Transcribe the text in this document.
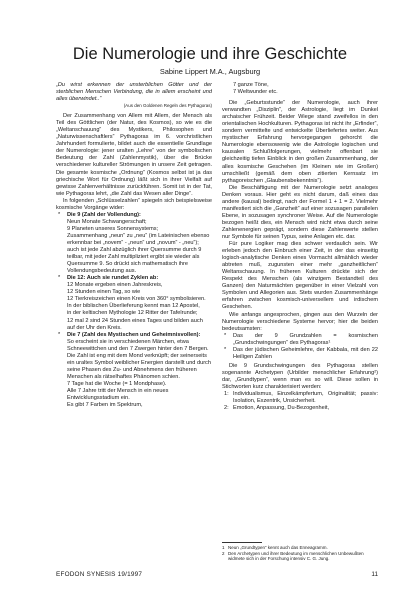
Die Numerologie und ihre Geschichte
Sabine Lippert M.A., Augsburg

„Du wirst erkennen der unsterblichen Götter und der sterblichen Menschen Verbindung, die in allem erscheint und alles überwindet..“

(Aus den Goldenen Regeln des Pythagoras)

Der Zusammenhang von Allem mit Allem, der Mensch als Teil des Göttlichen (der Natur, des Kosmos), so wie es die „Weltanschauung“ des Mystikers, Philosophen und „Naturwissenschaftlers“ Pythagoras im 6. vorchristlichen Jahrhundert formulierte, bildet auch die essentielle Grundlage der Numerologie: jener uralten „Lehre“ von der symbolischen Bedeutung der Zahl (Zahlenmystik), über die Brücke verschiedener kultureller Strömungen in unsere Zeit getragen. Die gesamte kosmische „Ordnung“ (Kosmos selbst ist ja das griechische Wort für Ordnung) läßt sich in ihrer Vielfalt auf gewisse Zahlenverhältnisse zurückführen. Somit ist in der Tat, wie Pythagoras lehrt, „die Zahl das Wesen aller Dinge“.

In folgenden „Schlüsselzahlen“ spiegeln sich beispielsweise kosmische Vorgänge wider:

* Die 9 (Zahl der Vollendung):
Neun Monate Schwangerschaft;
9 Planeten unseres Sonnensystems;
Zusammenhang „neun“ zu „neu“ (im Lateinischen ebenso erkennbar bei „novem“ - „neun“ und „novum“ - „neu“);
auch ist jede Zahl abzüglich ihrer Quersumme durch 9 teilbar, mit jeder Zahl multipliziert ergibt sie wieder als Quersumme 9. So drückt sich mathematisch ihre Vollendungsbedeutung aus.
* Die 12: Auch sie rundet Zyklen ab:
12 Monate ergeben einen Jahreskreis,
12 Stunden einen Tag, so wie
12 Tierkreiszeichen einen Kreis von 360° symbolisieren.
In der biblischen Überlieferung kennt man 12 Apostel,
in der keltischen Mythologie 12 Ritter der Tafelrunde;
12 mal 2 sind 24 Stunden eines Tages und bilden auch auf der Uhr den Kreis.
* Die 7 (Zahl des Mystischen und Geheimnisvollen):
So erscheint sie in verschiedenen Märchen, etwa Schneewittchen und den 7 Zwergen hinter den 7 Bergen.
Die Zahl ist eng mit dem Mond verknüpft; der seinerseits ein uraltes Symbol weiblicher Energien darstellt und durch seine Phasen des Zu- und Abnehmens den früheren Menschen als rätselhaftes Phänomen schien.
7 Tage hat die Woche (= 1 Mondphase).
Alle 7 Jahre tritt der Mensch in ein neues Entwicklungsstadium ein.
Es gibt 7 Farben im Spektrum,
7 ganze Töne,
7 Weltwunder etc.

Die „Geburtsstunde“ der Numerologie, auch ihrer verwandten „Disziplin“, der Astrologie, liegt im Dunkel archaischer Frühzeit. Beider Wiege stand zweifellos in den orientalischen Hochkulturen. Pythagoras ist nicht ihr „Erfinder“, sondern vermittelte und entwickelte Überliefertes weiter. Aus mystischer Erfahrung hervorgegangen gehorcht die Numerologie ebensowenig wie die Astrologie logischen und kausalen Schlußfolgerungen, vielmehr offenbart sie gleichzeitig tiefen Einblick in den großen Zusammenhang, der alles kosmische Geschehen (im Kleinen wie im Großen) umschließt (gemäß dem oben zitierten Kernsatz im pythagoreischen „Glaubensbekenntnis“).

Die Beschäftigung mit der Numerologie setzt analoges Denken voraus. Hier geht es nicht darum, daß eines das andere (kausal) bedingt, nach der Formel 1 + 1 = 2. Vielmehr manifestiert sich die „Ganzheit“ auf einer sozusagen parallelen Ebene, in sozusagen synchroner Weise. Auf die Numerologie bezogen heißt dies, ein Mensch wird nicht etwa durch seine Zahlenenergien geprägt, sondern diese Zahlenwerte stellen nur Symbole für seinen Typus, seine Anlagen etc. dar.

Für pure Logiker mag dies schwer verdaulich sein. Wir erleben jedoch den Einbruch einer Zeit, in der das einseitig logisch-analytische Denken eines Vormacht allmählich wieder abtreten muß, zugunsten einer mehr „ganzheitlichen“ Weltanschauung. In früheren Kulturen drückte sich der Respekt des Menschen (als winzigem Bestandteil des Ganzen) den Naturmächten gegenüber in einer Vielzahl von Symbolen und Allegorien aus. Stets wurden Zusammenhänge erfahren zwischen kosmisch-universellem und irdischem Geschehen.

Wie anfangs angesprochen, gingen aus den Wurzeln der Numerologie verschiedene Systeme hervor; hier die beiden bedeutsamsten:

* Das der 9 Grundzahlen = kosmischen „Grundschwingungen“ des Pythagoras¹
* Das der jüdischen Geheimlehre, der Kabbala, mit den 22 Heiligen Zahlen

Die 9 Grundschwingungen des Pythagoras stellen sogenannte Archetypen (Urbilder menschlicher Erfahrung²) dar, „Grundtypen“, wenn man es so will. Diese sollen in Stichworten kurz charakterisiert werden:

1: Individualismus, Einzelkämpfertum, Originalität; passiv: Isolation, Exzentrik, Unsicherheit.
2: Emotion, Anpassung, Du-Bezogenheit,
1 Neun „Grundtypen“ kennt auch das Enneagramm.
2 Den Archetypen und ihrer Bedeutung im menschlichen Unbewußten widmete sich in der Forschung intensiv C. G. Jung.
EFODON SYNESIS 19/1997	11
